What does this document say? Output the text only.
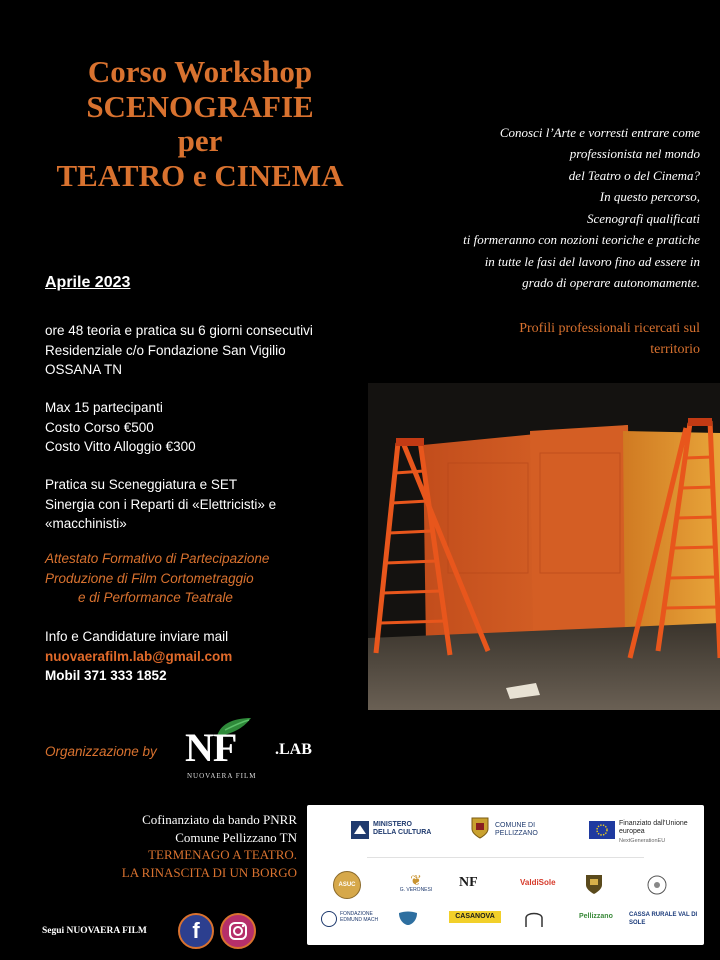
Corso Workshop
SCENOGRAFIE
per
TEATRO e CINEMA
Conosci l’Arte e vorresti entrare come
professionista nel mondo
del Teatro o del Cinema?
In questo percorso,
Scenografi qualificati
ti formeranno con nozioni teoriche e pratiche
in tutte le fasi del lavoro fino ad essere in
grado di operare autonomamente.
Profili professionali ricercati sul
territorio
Aprile 2023
ore 48 teoria e pratica su 6 giorni consecutivi
Residenziale c/o Fondazione San Vigilio
OSSANA TN
Max 15 partecipanti
Costo Corso €500
Costo Vitto Alloggio €300
Pratica su Sceneggiatura e SET
Sinergia con i Reparti di «Elettricisti» e
«macchinisti»
Attestato Formativo di Partecipazione
Produzione di Film Cortometraggio
e di Performance Teatrale
Info e Candidature inviare mail
nuovaerafilm.lab@gmail.com
Mobil 371 333 1852
Organizzazione by NF .LAB
NUOVAERA FILM
Cofinanziato da bando PNRR
Comune Pellizzano TN
TERMENAGO A TEATRO.
LA RINASCITA DI UN BORGO
MINISTERO DELLA CULTURA
COMUNE DI PELLIZZANO
Finanziato dall'Unione europea
NextGenerationEU
ASUC	❦
G. VERONESI
NF	ValdiSole
FONDAZIONE EDMUND MACH	CASANOVA	Pellizzano	CASSA RURALE VAL DI SOLE
Segui NUOVAERA FILM f
